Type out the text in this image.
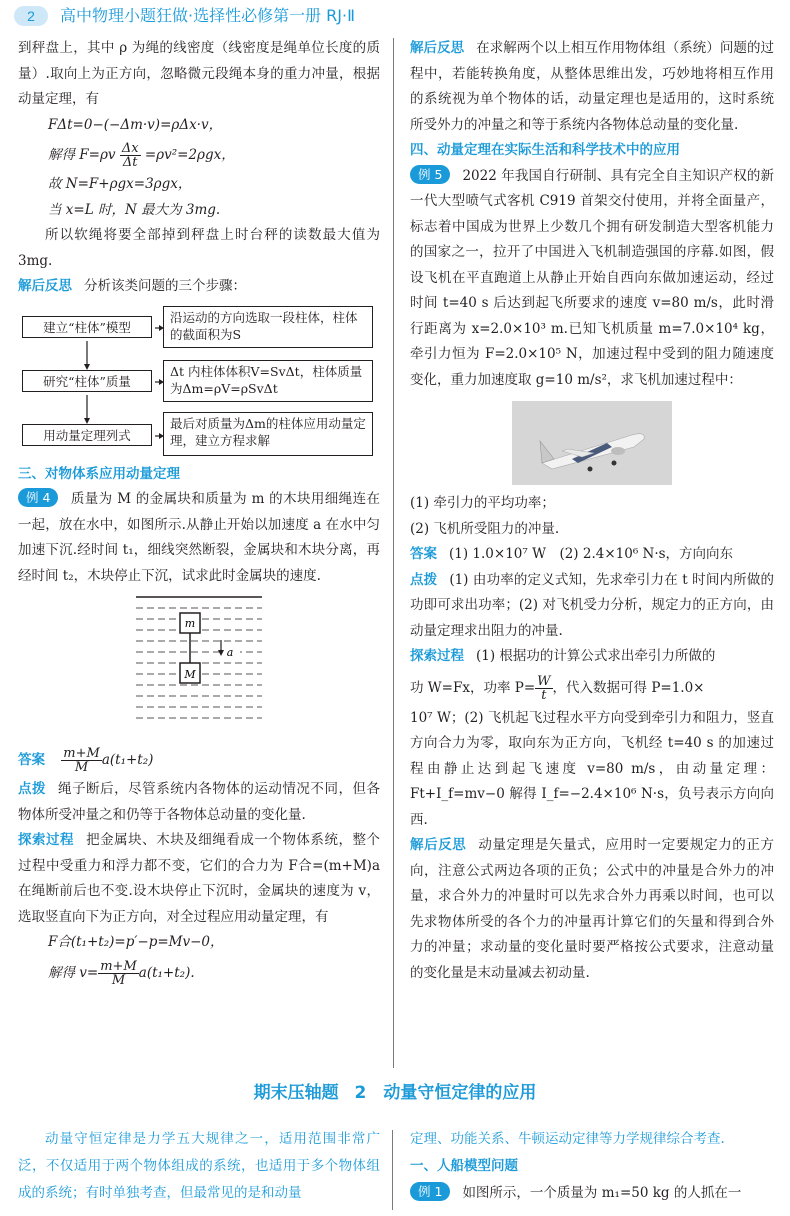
2	高中物理小题狂做·选择性必修第一册 RJ·Ⅱ

到秤盘上，其中 ρ 为绳的线密度（线密度是绳单位长度的质量）.取向上为正方向，忽略微元段绳本身的重力冲量，根据动量定理，有

FΔt=0−(−Δm·v)=ρΔx·v，
解得 $F=\rho v \frac{\Delta x}{\Delta t} =\rho v^2=2\rho gx$，
故 N=F+ρgx=3ρgx，
当 x=L 时，N 最大为 3mg.

所以软绳将要全部掉到秤盘上时台秤的读数最大值为 3mg.

解后反思 分析该类问题的三个步骤：

建立“柱体”模型
沿运动的方向选取一段柱体，柱体的截面积为S
研究“柱体”质量
Δt 内柱体体积V=SvΔt，柱体质量为Δm=ρV=ρSvΔt
用动量定理列式
最后对质量为Δm的柱体应用动量定理，建立方程求解
三、对物体系应用动量定理

例 4 质量为 M 的金属块和质量为 m 的木块用细绳连在一起，放在水中，如图所示.从静止开始以加速度 a 在水中匀加速下沉.经时间 t₁，细线突然断裂，金属块和木块分离，再经时间 t₂，木块停止下沉，试求此时金属块的速度.

m
M
a
答案 $\frac{m+M}{M} a(t_1+t_2)$

点拨 绳子断后，尽管系统内各物体的运动情况不同，但各物体所受冲量之和仍等于各物体总动量的变化量.

探索过程 把金属块、木块及细绳看成一个物体系统，整个过程中受重力和浮力都不变，它们的合力为 F合=(m+M)a 在绳断前后也不变.设木块停止下沉时，金属块的速度为 v，选取竖直向下为正方向，对全过程应用动量定理，有

F合(t₁+t₂)=p′−p=Mv−0，
解得 $v= \frac{m+M}{M} a(t_1+t_2)$.

解后反思 在求解两个以上相互作用物体组（系统）问题的过程中，若能转换角度，从整体思维出发，巧妙地将相互作用的系统视为单个物体的话，动量定理也是适用的，这时系统所受外力的冲量之和等于系统内各物体总动量的变化量.

四、动量定理在实际生活和科学技术中的应用

例 5 2022 年我国自行研制、具有完全自主知识产权的新一代大型喷气式客机 C919 首架交付使用，并将全面量产，标志着中国成为世界上少数几个拥有研发制造大型客机能力的国家之一，拉开了中国进入飞机制造强国的序幕.如图，假设飞机在平直跑道上从静止开始自西向东做加速运动，经过时间 t=40 s 后达到起飞所要求的速度 v=80 m/s，此时滑行距离为 x=2.0×10³ m.已知飞机质量 m=7.0×10⁴ kg，牵引力恒为 F=2.0×10⁵ N，加速过程中受到的阻力随速度变化，重力加速度取 g=10 m/s²，求飞机加速过程中：

(1) 牵引力的平均功率；

(2) 飞机所受阻力的冲量.

答案 (1) 1.0×10⁷ W　(2) 2.4×10⁶ N·s，方向向东

点拨 (1) 由功率的定义式知，先求牵引力在 t 时间内所做的功即可求出功率；(2) 对飞机受力分析，规定力的正方向，由动量定理求出阻力的冲量.

探索过程 (1) 根据功的计算公式求出牵引力所做的

功 W=Fx，功率 $P= \frac{W}{t}$ ，代入数据可得 P=1.0×

10⁷ W；(2) 飞机起飞过程水平方向受到牵引力和阻力，竖直方向合力为零，取向东为正方向，飞机经 t=40 s 的加速过程由静止达到起飞速度 v=80 m/s，由动量定理：Ft+I_f=mv−0 解得 I_f=−2.4×10⁶ N·s，负号表示方向向西.

解后反思 动量定理是矢量式，应用时一定要规定力的正方向，注意公式两边各项的正负；公式中的冲量是合外力的冲量，求合外力的冲量时可以先求合外力再乘以时间，也可以先求物体所受的各个力的冲量再计算它们的矢量和得到合外力的冲量；求动量的变化量时要严格按公式要求，注意动量的变化量是末动量减去初动量.

期末压轴题 2　动量守恒定律的应用

动量守恒定律是力学五大规律之一，适用范围非常广泛，不仅适用于两个物体组成的系统，也适用于多个物体组成的系统；有时单独考查，但最常见的是和动量

定理、功能关系、牛顿运动定律等力学规律综合考查.

一、人船模型问题

例 1 如图所示，一个质量为 m₁=50 kg 的人抓在一
